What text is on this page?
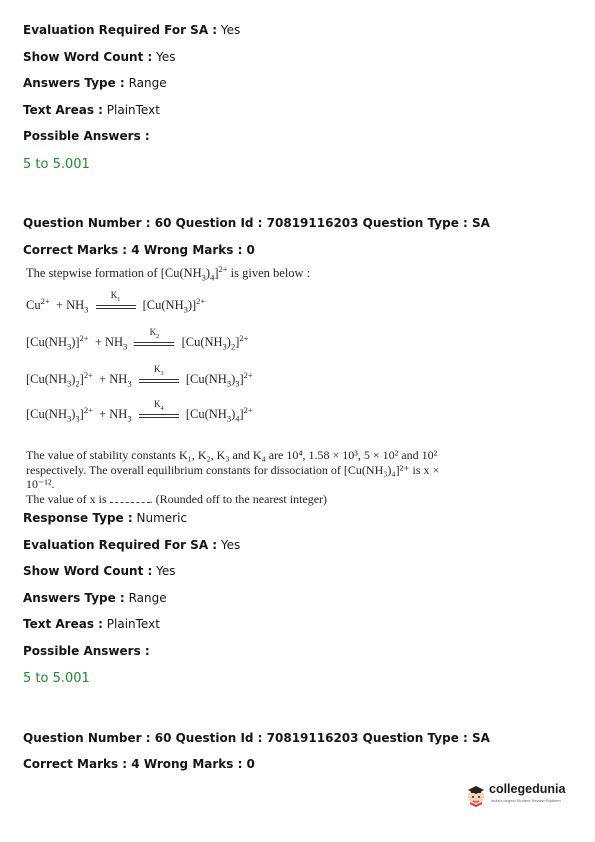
Evaluation Required For SA : Yes
Show Word Count : Yes
Answers Type : Range
Text Areas : PlainText
Possible Answers :
5 to 5.001
Question Number : 60 Question Id : 70819116203 Question Type : SA
Correct Marks : 4 Wrong Marks : 0
The stepwise formation of $[Cu(NH_3)_4]^{2+}$ is given below :
$Cu^{2+} + NH_3$
$K_1$	$[Cu(NH_3)]^{2+}$
$[Cu(NH_3)]^{2+} + NH_3$
$K_2$	$[Cu(NH_3)_2]^{2+}$
$[Cu(NH_3)_2]^{2+} + NH_3$
$K_3$	$[Cu(NH_3)_3]^{2+}$
$[Cu(NH_3)_3]^{2+} + NH_3$
$K_4$	$[Cu(NH_3)_4]^{2+}$
The value of stability constants K₁, K₂, K₃ and K₄ are 10⁴, 1.58 × 10³, 5 × 10² and 10²
respectively. The overall equilibrium constants for dissociation of [Cu(NH₃)₄]²⁺ is x × 10⁻¹².
The value of x is	. (Rounded off to the nearest integer)
Response Type : Numeric
Evaluation Required For SA : Yes
Show Word Count : Yes
Answers Type : Range
Text Areas : PlainText
Possible Answers :
5 to 5.001
Question Number : 60 Question Id : 70819116203 Question Type : SA
Correct Marks : 4 Wrong Marks : 0
collegedunia
India's largest Student Review Platform
